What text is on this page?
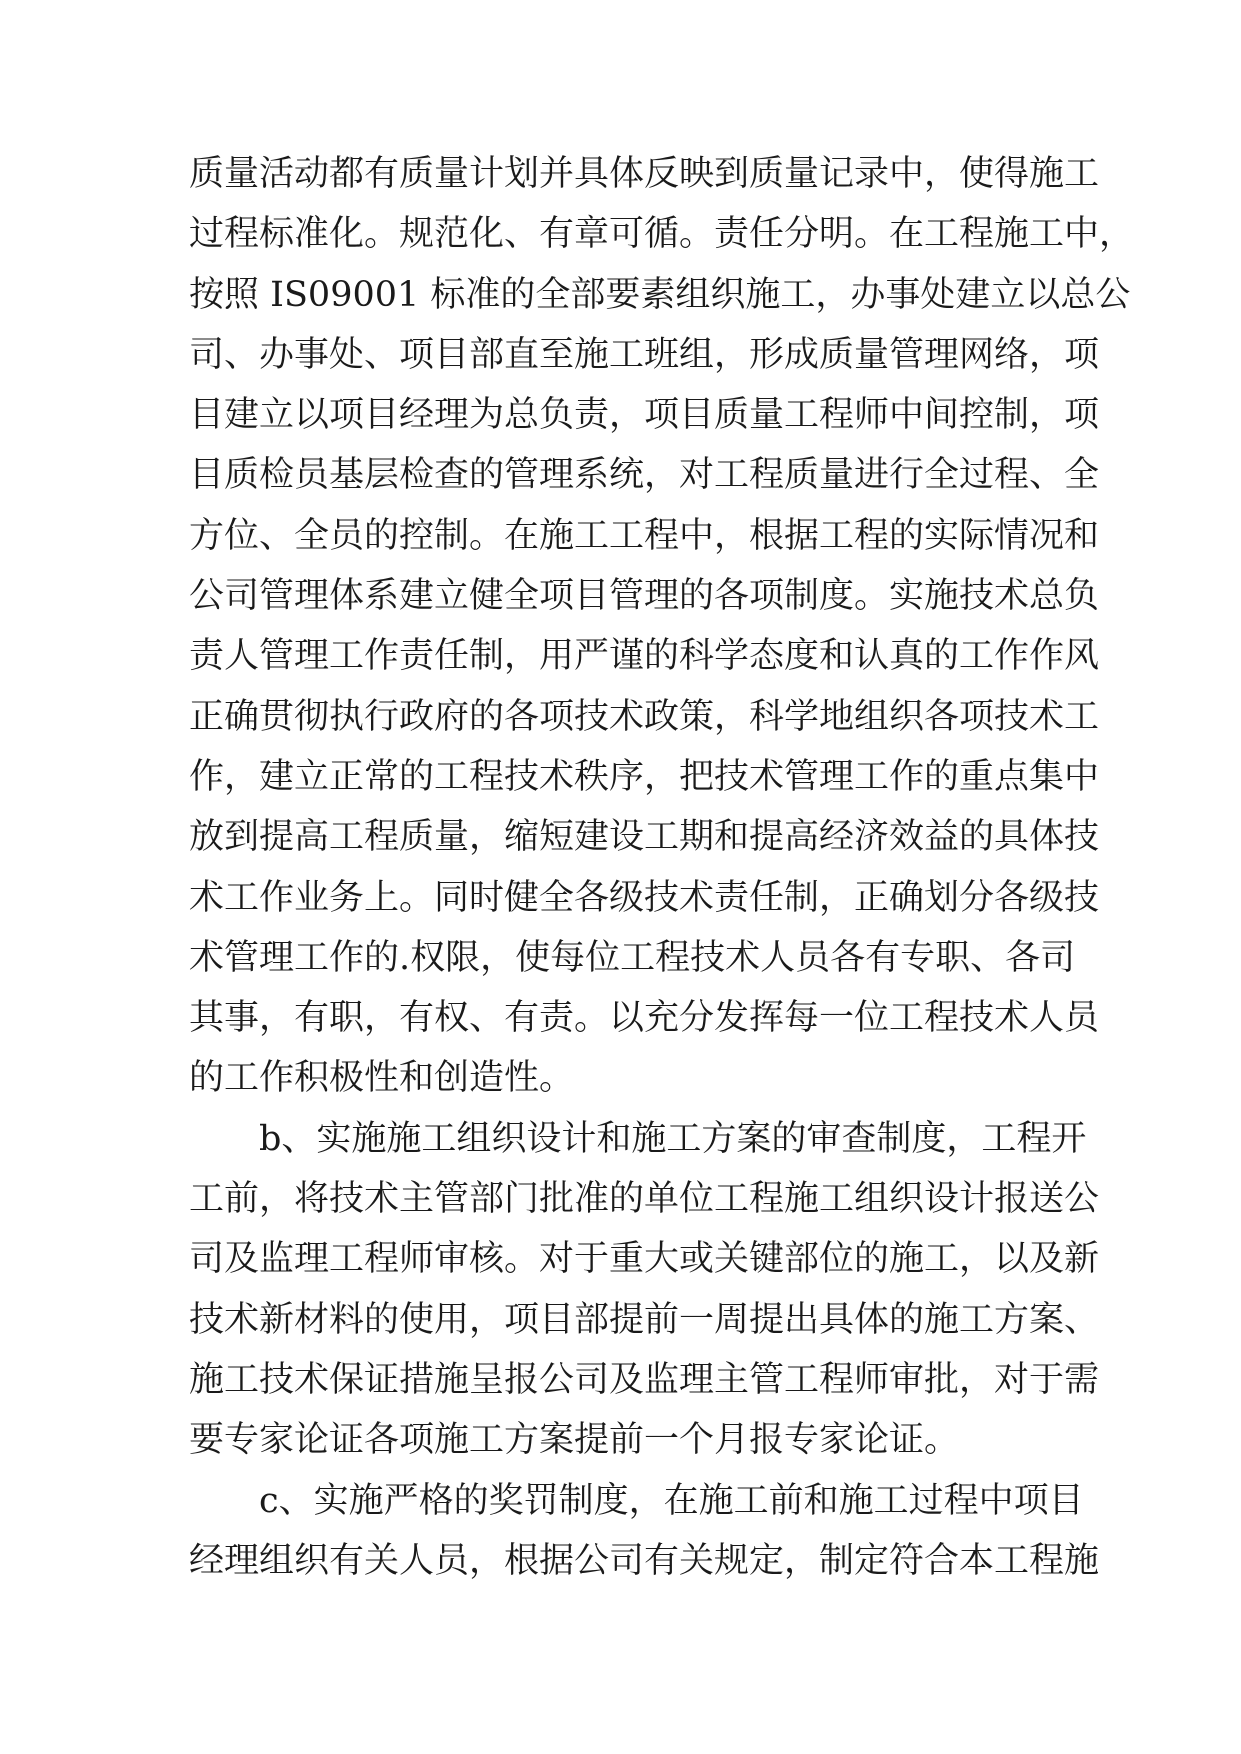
质量活动都有质量计划并具体反映到质量记录中，使得施工
过程标准化。规范化、有章可循。责任分明。在工程施工中，
按照 IS09001 标准的全部要素组织施工，办事处建立以总公
司、办事处、项目部直至施工班组，形成质量管理网络，项
目建立以项目经理为总负责，项目质量工程师中间控制，项
目质检员基层检查的管理系统，对工程质量进行全过程、全
方位、全员的控制。在施工工程中，根据工程的实际情况和
公司管理体系建立健全项目管理的各项制度。实施技术总负
责人管理工作责任制，用严谨的科学态度和认真的工作作风
正确贯彻执行政府的各项技术政策，科学地组织各项技术工
作，建立正常的工程技术秩序，把技术管理工作的重点集中
放到提高工程质量，缩短建设工期和提高经济效益的具体技
术工作业务上。同时健全各级技术责任制，正确划分各级技
术管理工作的.权限，使每位工程技术人员各有专职、各司
其事，有职，有权、有责。以充分发挥每一位工程技术人员
的工作积极性和创造性。
b、实施施工组织设计和施工方案的审查制度，工程开
工前，将技术主管部门批准的单位工程施工组织设计报送公
司及监理工程师审核。对于重大或关键部位的施工，以及新
技术新材料的使用，项目部提前一周提出具体的施工方案、
施工技术保证措施呈报公司及监理主管工程师审批，对于需
要专家论证各项施工方案提前一个月报专家论证。
c、实施严格的奖罚制度，在施工前和施工过程中项目
经理组织有关人员，根据公司有关规定，制定符合本工程施
